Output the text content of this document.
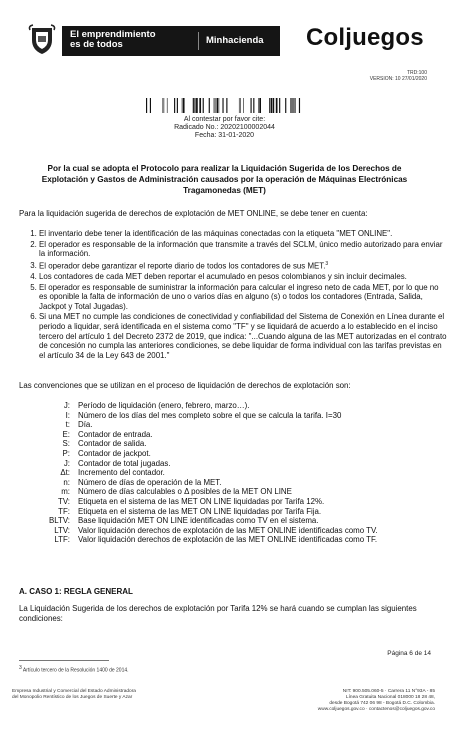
El emprendimiento
es de todos	Minhacienda Coljuegos
TRD:100
VERSION: 10 27/01/2020
Al contestar por favor cite:
Radicado No.: 20202100002044
Fecha: 31-01-2020
Por la cual se adopta el Protocolo para realizar la Liquidación Sugerida de los Derechos de Explotación y Gastos de Administración causados por la operación de Máquinas Electrónicas Tragamonedas (MET)
Para la liquidación sugerida de derechos de explotación de MET ONLINE, se debe tener en cuenta:
1. El inventario debe tener la identificación de las máquinas conectadas con la etiqueta "MET ONLINE".
2. El operador es responsable de la información que transmite a través del SCLM, único medio autorizado para enviar la información.
3. El operador debe garantizar el reporte diario de todos los contadores de sus MET.$^3$
4. Los contadores de cada MET deben reportar el acumulado en pesos colombianos y sin incluir decimales.
5. El operador es responsable de suministrar la información para calcular el ingreso neto de cada MET, por lo que no es oponible la falta de información de uno o varios días en alguno (s) o todos los contadores (Entrada, Salida, Jackpot y Total Jugadas).
6. Si una MET no cumple las condiciones de conectividad y confiabilidad del Sistema de Conexión en Línea durante el periodo a liquidar, será identificada en el sistema como "TF" y se liquidará de acuerdo a lo establecido en el inciso tercero del artículo 1 del Decreto 2372 de 2019, que indica: "...Cuando alguna de las MET autorizadas en el contrato de concesión no cumpla las anteriores condiciones, se debe liquidar de forma individual con las tarifas previstas en el artículo 34 de la Ley 643 de 2001."
Las convenciones que se utilizan en el proceso de liquidación de derechos de explotación son:
J:	Período de liquidación (enero, febrero, marzo…).
I:	Número de los días del mes completo sobre el que se calcula la tarifa. I=30
t:	Día.
E:	Contador de entrada.
S:	Contador de salida.
P:	Contador de jackpot.
J:	Contador de total jugadas.
Δt:	Incremento del contador.
n:	Número de días de operación de la MET.
m:	Número de días calculables o Δ posibles de la MET ON LINE
TV:	Etiqueta en el sistema de las MET ON LINE liquidadas por Tarifa 12%.
TF:	Etiqueta en el sistema de las MET ON LINE liquidadas por Tarifa Fija.
BLTV:	Base liquidación MET ON LINE identificadas como TV en el sistema.
LTV:	Valor liquidación derechos de explotación de las MET ONLINE identificadas como TV.
LTF:	Valor liquidación derechos de explotación de las MET ONLINE identificadas como TF.
A. CASO 1: REGLA GENERAL
La Liquidación Sugerida de los derechos de explotación por Tarifa 12% se hará cuando se cumplan las siguientes condiciones:
Página 6 de 14
$^3$ Artículo tercero de la Resolución 1400 de 2014.
Empresa Industrial y Comercial del Estado Administradora
del Monopolio Rentístico de los Juegos de Suerte y Azar
NIT: 900.505.060-5 · Carrera 11 N°93A - 85
Línea Gratuita Nacional 018000 18 28 48,
desde Bogotá 742 06 98 - Bogotá D.C. Colombia.
www.coljuegos.gov.co · contactenos@coljuegos.gov.co
